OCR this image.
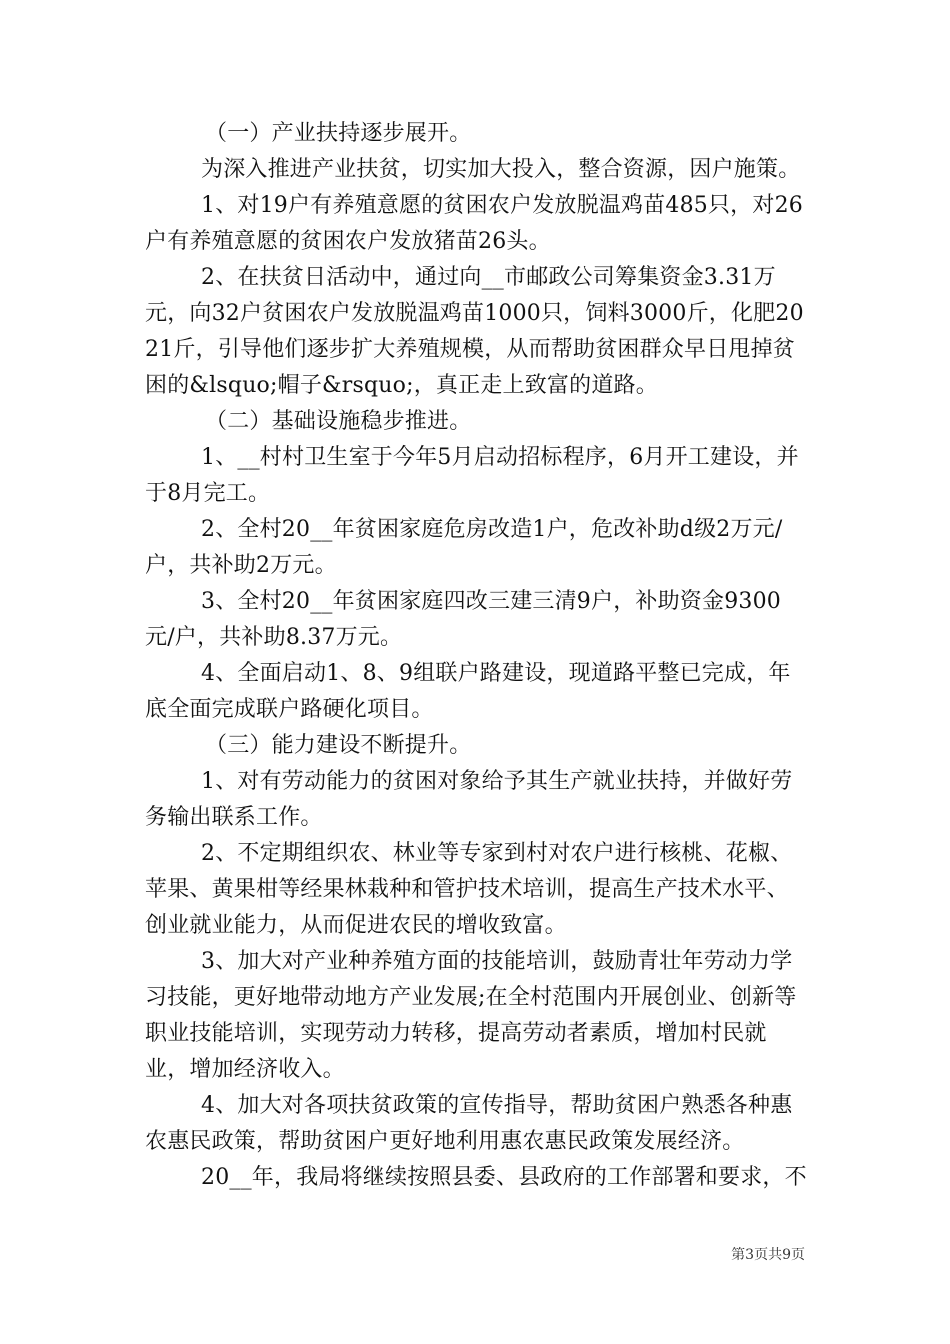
（一）产业扶持逐步展开。

为深入推进产业扶贫，切实加大投入，整合资源，因户施策。

1、对19户有养殖意愿的贫困农户发放脱温鸡苗485只，对26户有养殖意愿的贫困农户发放猪苗26头。

2、在扶贫日活动中，通过向__市邮政公司筹集资金3.31万元，向32户贫困农户发放脱温鸡苗1000只，饲料3000斤，化肥2021斤，引导他们逐步扩大养殖规模，从而帮助贫困群众早日甩掉贫困的&lsquo;帽子&rsquo;，真正走上致富的道路。

（二）基础设施稳步推进。

1、__村村卫生室于今年5月启动招标程序，6月开工建设，并于8月完工。

2、全村20__年贫困家庭危房改造1户，危改补助d级2万元/户，共补助2万元。

3、全村20__年贫困家庭四改三建三清9户，补助资金9300元/户，共补助8.37万元。

4、全面启动1、8、9组联户路建设，现道路平整已完成，年底全面完成联户路硬化项目。

（三）能力建设不断提升。

1、对有劳动能力的贫困对象给予其生产就业扶持，并做好劳务输出联系工作。

2、不定期组织农、林业等专家到村对农户进行核桃、花椒、苹果、黄果柑等经果林栽种和管护技术培训，提高生产技术水平、创业就业能力，从而促进农民的增收致富。

3、加大对产业种养殖方面的技能培训，鼓励青壮年劳动力学习技能，更好地带动地方产业发展;在全村范围内开展创业、创新等职业技能培训，实现劳动力转移，提高劳动者素质，增加村民就业，增加经济收入。

4、加大对各项扶贫政策的宣传指导，帮助贫困户熟悉各种惠农惠民政策，帮助贫困户更好地利用惠农惠民政策发展经济。

20__年，我局将继续按照县委、县政府的工作部署和要求，不

第3页共9页
